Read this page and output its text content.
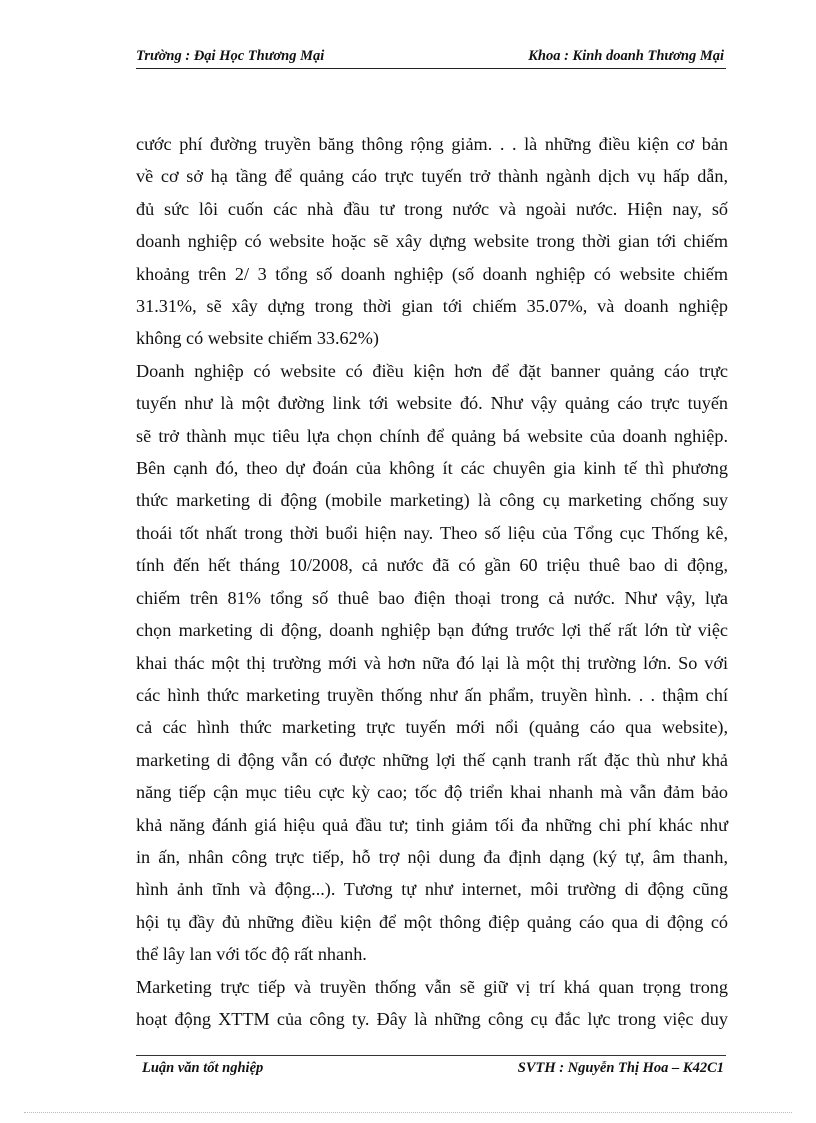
Trường : Đại Học Thương Mại	Khoa : Kinh doanh Thương Mại
cước phí đường truyền băng thông rộng giảm. . . là những điều kiện cơ bản
về cơ sở hạ tầng để quảng cáo trực tuyến trở thành ngành dịch vụ hấp dẫn,
đủ sức lôi cuốn các nhà đầu tư trong nước và ngoài nước. Hiện nay, số
doanh nghiệp có website hoặc sẽ xây dựng website trong thời gian tới chiếm
khoảng trên 2/ 3 tổng số doanh nghiệp (số doanh nghiệp có website chiếm
31.31%, sẽ xây dựng trong thời gian tới chiếm 35.07%, và doanh nghiệp
không có website chiếm 33.62%)
Doanh nghiệp có website có điều kiện hơn để đặt banner quảng cáo trực
tuyến như là một đường link tới website đó. Như vậy quảng cáo trực tuyến
sẽ trở thành mục tiêu lựa chọn chính để quảng bá website của doanh nghiệp.
Bên cạnh đó, theo dự đoán của không ít các chuyên gia kinh tế thì phương
thức marketing di động (mobile marketing) là công cụ marketing chống suy
thoái tốt nhất trong thời buổi hiện nay. Theo số liệu của Tổng cục Thống kê,
tính đến hết tháng 10/2008, cả nước đã có gần 60 triệu thuê bao di động,
chiếm trên 81% tổng số thuê bao điện thoại trong cả nước. Như vậy, lựa
chọn marketing di động, doanh nghiệp bạn đứng trước lợi thế rất lớn từ việc
khai thác một thị trường mới và hơn nữa đó lại là một thị trường lớn. So với
các hình thức marketing truyền thống như ấn phẩm, truyền hình. . . thậm chí
cả các hình thức marketing trực tuyến mới nổi (quảng cáo qua website),
marketing di động vẫn có được những lợi thế cạnh tranh rất đặc thù như khả
năng tiếp cận mục tiêu cực kỳ cao; tốc độ triển khai nhanh mà vẫn đảm bảo
khả năng đánh giá hiệu quả đầu tư; tinh giảm tối đa những chi phí khác như
in ấn, nhân công trực tiếp, hỗ trợ nội dung đa định dạng (ký tự, âm thanh,
hình ảnh tĩnh và động...). Tương tự như internet, môi trường di động cũng
hội tụ đầy đủ những điều kiện để một thông điệp quảng cáo qua di động có
thể lây lan với tốc độ rất nhanh.
Marketing trực tiếp và truyền thống vẫn sẽ giữ vị trí khá quan trọng trong
hoạt động XTTM của công ty. Đây là những công cụ đắc lực trong việc duy
Luận văn tốt nghiệp	SVTH : Nguyễn Thị Hoa – K42C1
